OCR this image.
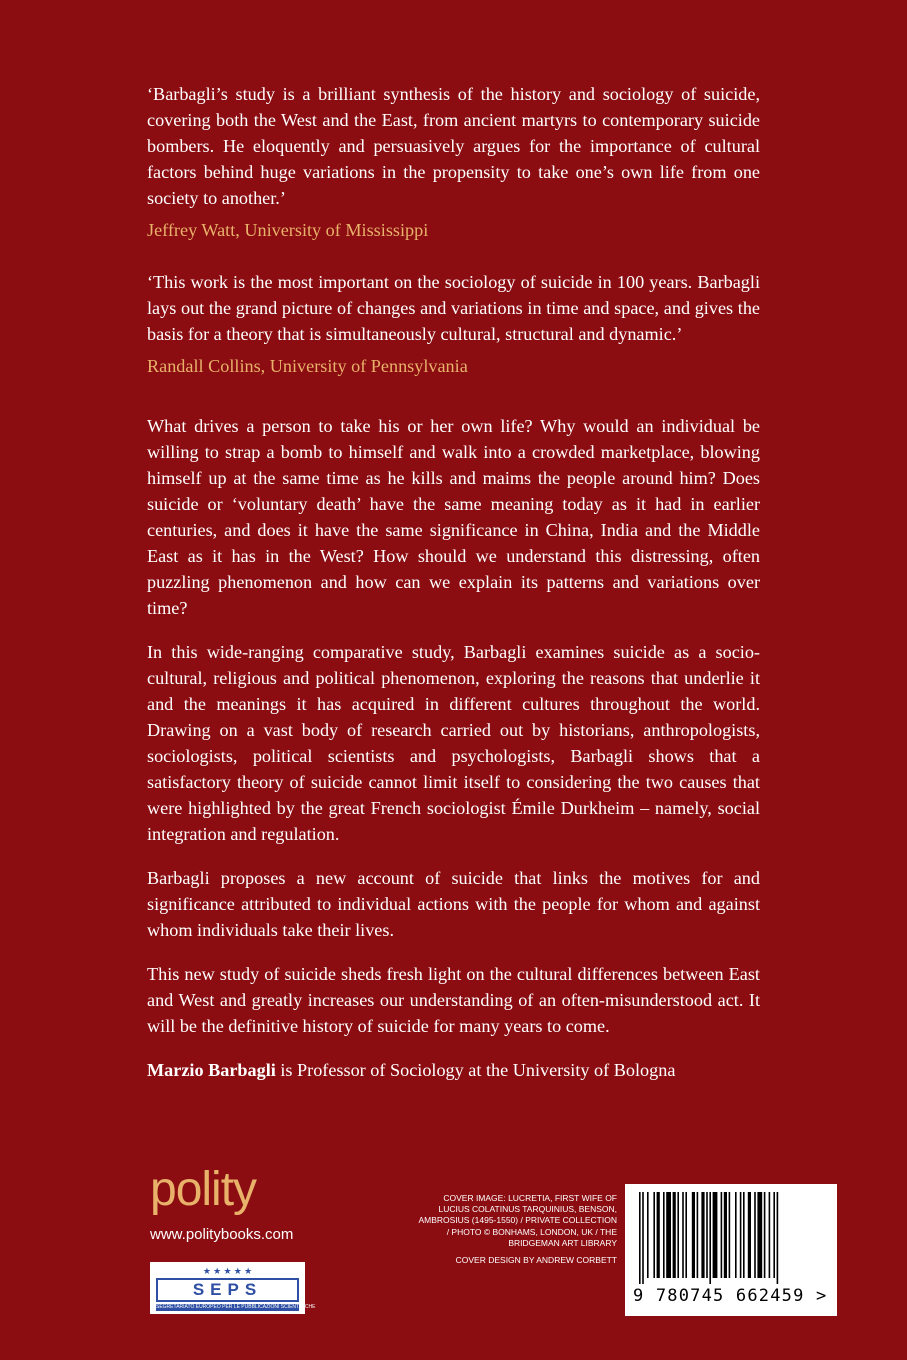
‘Barbagli’s study is a brilliant synthesis of the history and sociology of suicide, covering both the West and the East, from ancient martyrs to contemporary suicide bombers. He eloquently and persuasively argues for the importance of cultural factors behind huge variations in the propensity to take one’s own life from one society to another.’

Jeffrey Watt, University of Mississippi

‘This work is the most important on the sociology of suicide in 100 years. Barbagli lays out the grand picture of changes and variations in time and space, and gives the basis for a theory that is simultaneously cultural, structural and dynamic.’

Randall Collins, University of Pennsylvania

What drives a person to take his or her own life? Why would an individual be willing to strap a bomb to himself and walk into a crowded marketplace, blowing himself up at the same time as he kills and maims the people around him? Does suicide or ‘voluntary death’ have the same meaning today as it had in earlier centuries, and does it have the same significance in China, India and the Middle East as it has in the West? How should we understand this distressing, often puzzling phenomenon and how can we explain its patterns and variations over time?

In this wide-ranging comparative study, Barbagli examines suicide as a socio-cultural, religious and political phenomenon, exploring the reasons that underlie it and the meanings it has acquired in different cultures throughout the world. Drawing on a vast body of research carried out by historians, anthropologists, sociologists, political scientists and psychologists, Barbagli shows that a satisfactory theory of suicide cannot limit itself to considering the two causes that were highlighted by the great French sociologist Émile Durkheim – namely, social integration and regulation.

Barbagli proposes a new account of suicide that links the motives for and significance attributed to individual actions with the people for whom and against whom individuals take their lives.

This new study of suicide sheds fresh light on the cultural differences between East and West and greatly increases our understanding of an often-misunderstood act. It will be the definitive history of suicide for many years to come.

Marzio Barbagli is Professor of Sociology at the University of Bologna

polity
www.politybooks.com
★ ★ ★ ★ ★
SEPS
SEGRETARIATO EUROPEO PER LE PUBBLICAZIONI SCIENTIFICHE

COVER IMAGE: LUCRETIA, FIRST WIFE OF LUCIUS COLATINUS TARQUINIUS, BENSON, AMBROSIUS (1495-1550) / PRIVATE COLLECTION / PHOTO © BONHAMS, LONDON, UK / THE BRIDGEMAN ART LIBRARY

COVER DESIGN BY ANDREW CORBETT

9 780745 662459 >
